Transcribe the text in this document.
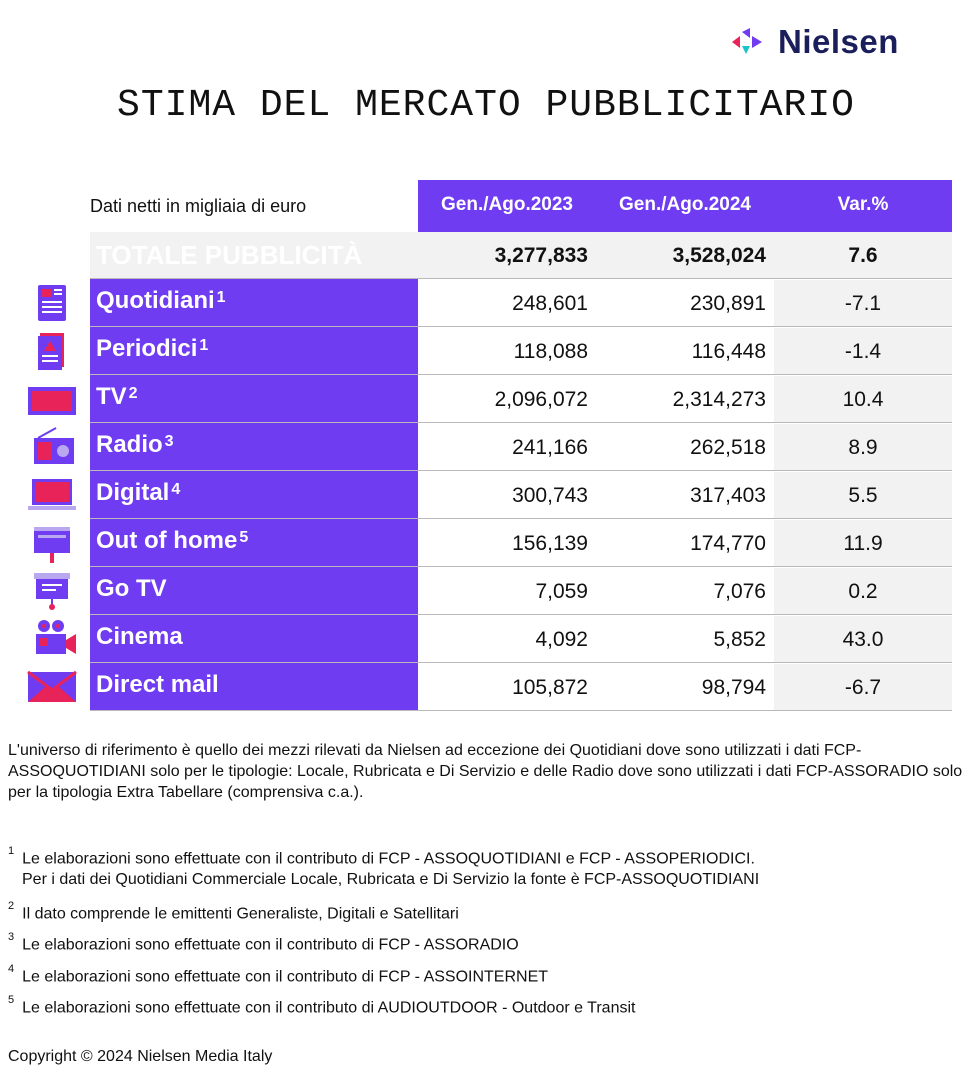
Nielsen
STIMA DEL MERCATO PUBBLICITARIO
Dati netti in migliaia di euro	Gen./Ago.2023	Gen./Ago.2024	Var.%
TOTALE PUBBLICITÀ	3,277,833	3,528,024	7.6
Quotidiani $^1$	248,601	230,891	-7.1
Periodici $^1$	118,088	116,448	-1.4
TV $^2$	2,096,072	2,314,273	10.4
Radio $^3$	241,166	262,518	8.9
Digital $^4$	300,743	317,403	5.5
Out of home $^5$	156,139	174,770	11.9
Go TV	7,059	7,076	0.2
Cinema	4,092	5,852	43.0
Direct mail	105,872	98,794	-6.7
L'universo di riferimento è quello dei mezzi rilevati da Nielsen ad eccezione dei Quotidiani dove sono utilizzati i dati FCP-ASSOQUOTIDIANI solo per le tipologie: Locale, Rubricata e Di Servizio e delle Radio dove sono utilizzati i dati FCP-ASSORADIO solo per la tipologia Extra Tabellare (comprensiva c.a.).
$^1$ Le elaborazioni sono effettuate con il contributo di FCP - ASSOQUOTIDIANI e FCP - ASSOPERIODICI.
Per i dati dei Quotidiani Commerciale Locale, Rubricata e Di Servizio la fonte è FCP-ASSOQUOTIDIANI
$^2$ Il dato comprende le emittenti Generaliste, Digitali e Satellitari
$^3$ Le elaborazioni sono effettuate con il contributo di FCP - ASSORADIO
$^4$ Le elaborazioni sono effettuate con il contributo di FCP - ASSOINTERNET
$^5$ Le elaborazioni sono effettuate con il contributo di AUDIOUTDOOR - Outdoor e Transit
Copyright © 2024 Nielsen Media Italy
